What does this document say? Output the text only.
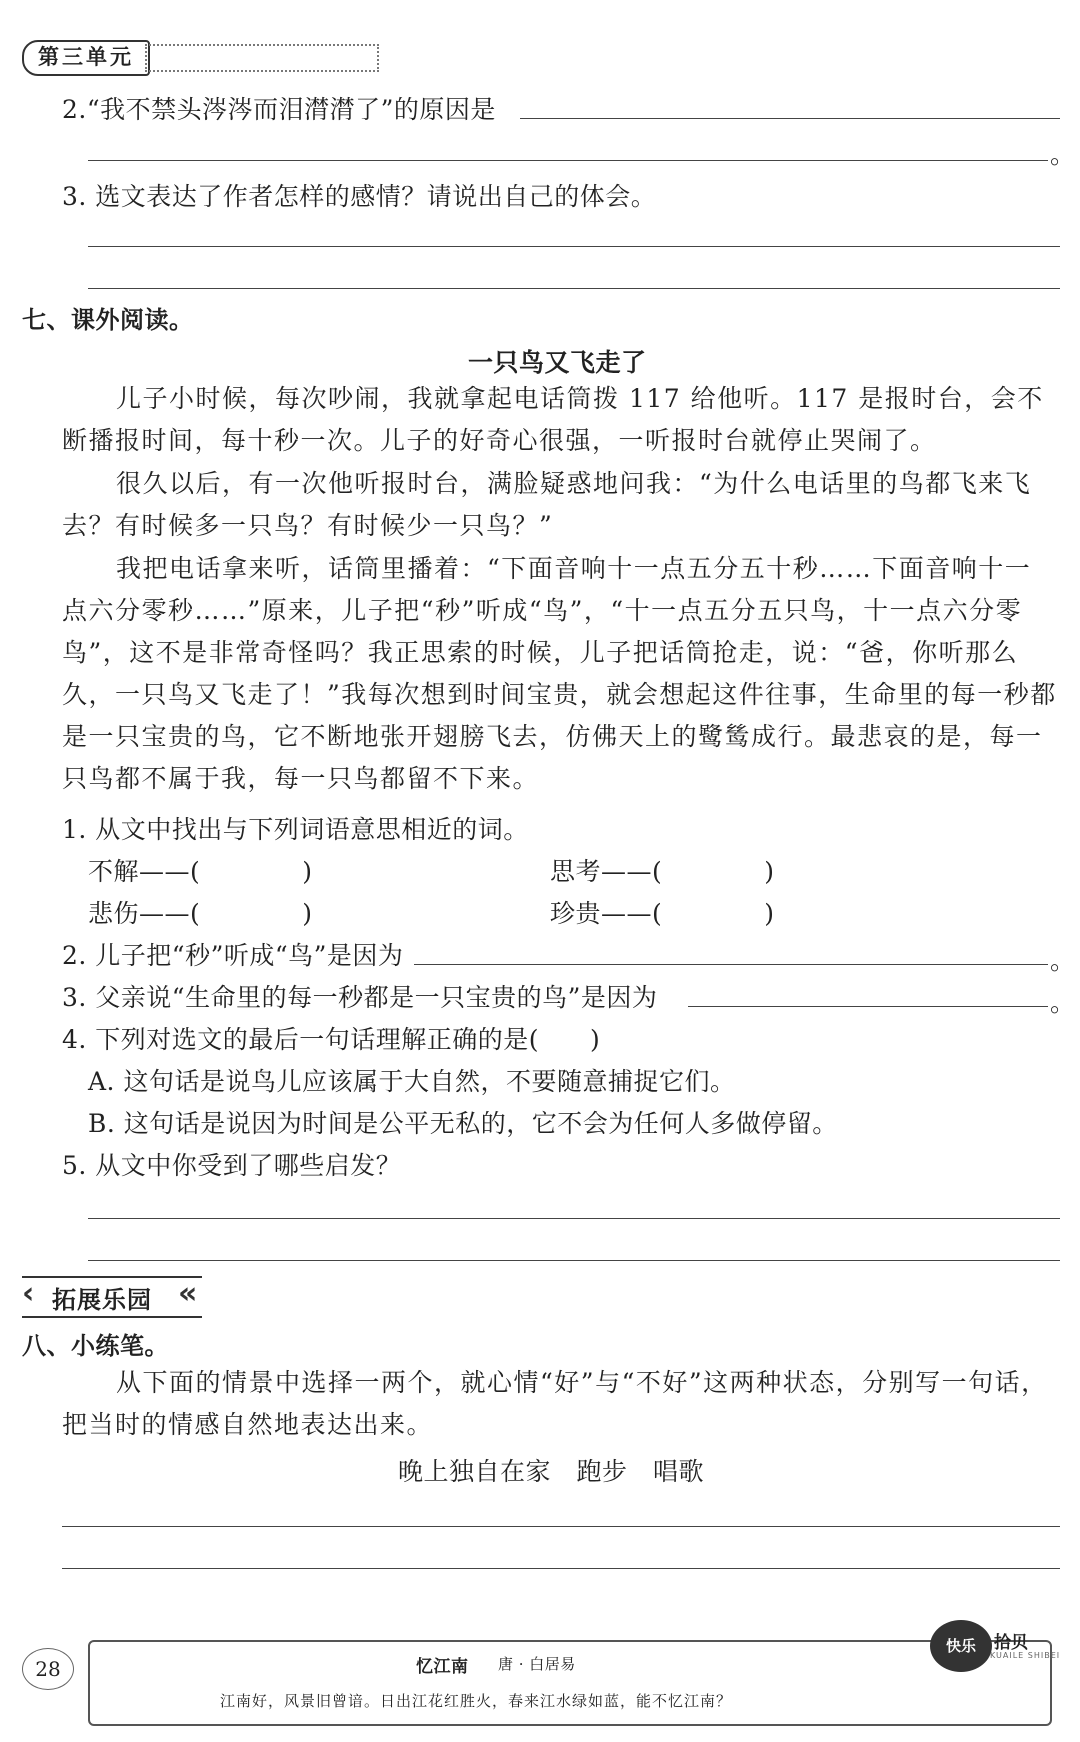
第三单元
2.“我不禁头涔涔而泪潸潸了”的原因是
。
3. 选文表达了作者怎样的感情？请说出自己的体会。
七、课外阅读。
一只鸟又飞走了
儿子小时候，每次吵闹，我就拿起电话筒拨 117 给他听。117 是报时台，会不断播报时间，每十秒一次。儿子的好奇心很强，一听报时台就停止哭闹了。
很久以后，有一次他听报时台，满脸疑惑地问我：“为什么电话里的鸟都飞来飞去？有时候多一只鸟？有时候少一只鸟？”
我把电话拿来听，话筒里播着：“下面音响十一点五分五十秒……下面音响十一点六分零秒……”原来，儿子把“秒”听成“鸟”，“十一点五分五只鸟，十一点六分零鸟”，这不是非常奇怪吗？我正思索的时候，儿子把话筒抢走，说：“爸，你听那么久，一只鸟又飞走了！”我每次想到时间宝贵，就会想起这件往事，生命里的每一秒都是一只宝贵的鸟，它不断地张开翅膀飞去，仿佛天上的鹭鸶成行。最悲哀的是，每一只鸟都不属于我，每一只鸟都留不下来。
1. 从文中找出与下列词语意思相近的词。
不解——(　　　　)	思考——(　　　　)
悲伤——(　　　　)	珍贵——(　　　　)
2. 儿子把“秒”听成“鸟”是因为	。
3. 父亲说“生命里的每一秒都是一只宝贵的鸟”是因为	。
4. 下列对选文的最后一句话理解正确的是(　　)
A. 这句话是说鸟儿应该属于大自然，不要随意捕捉它们。
B. 这句话是说因为时间是公平无私的，它不会为任何人多做停留。
5. 从文中你受到了哪些启发？
‹ 拓展乐园 «
八、小练笔。
从下面的情景中选择一两个，就心情“好”与“不好”这两种状态，分别写一句话，把当时的情感自然地表达出来。
晚上独自在家　跑步　唱歌
28	忆江南 唐 · 白居易
江南好，风景旧曾谙。日出江花红胜火，春来江水绿如蓝，能不忆江南？
快乐	拾贝
KUAILE SHIBEI
